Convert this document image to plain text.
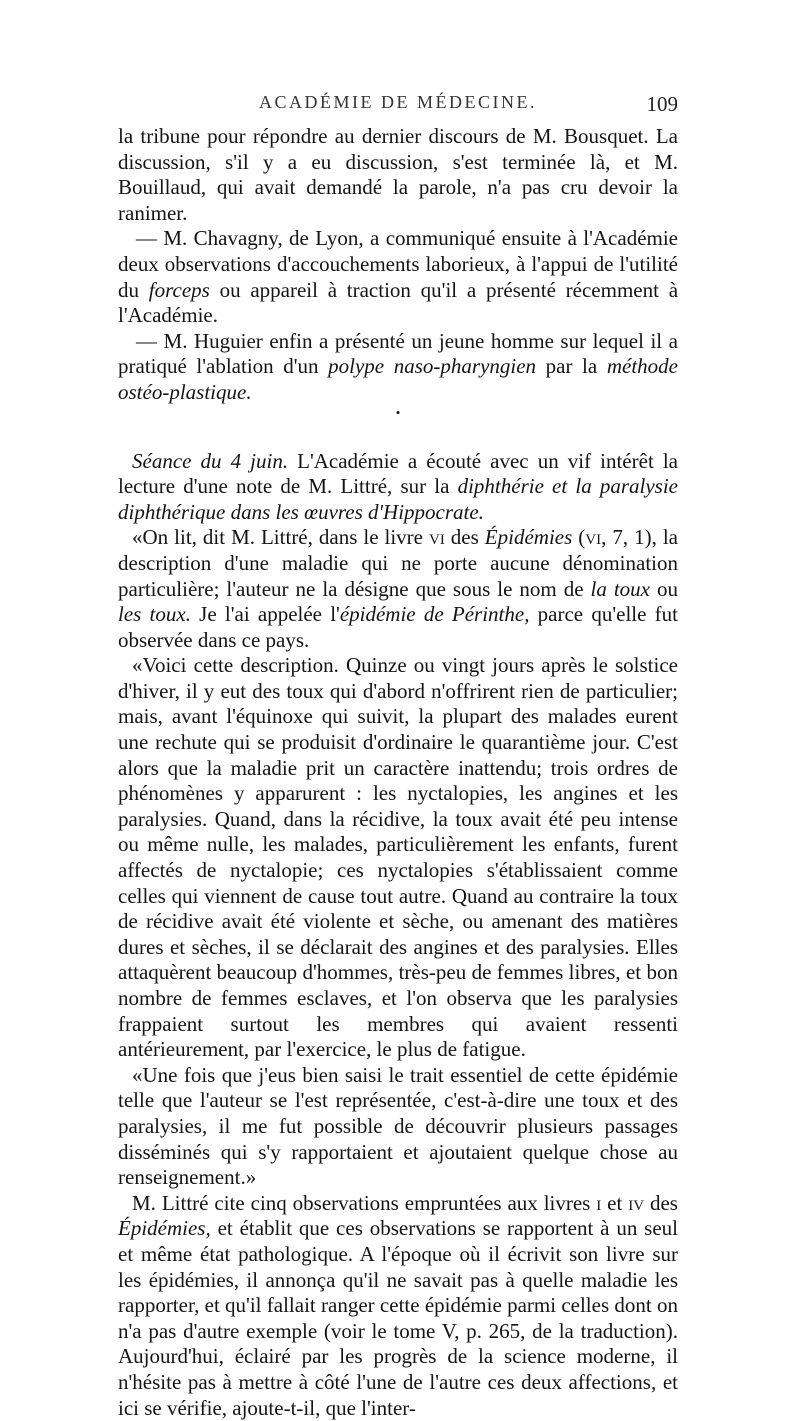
ACADÉMIE DE MÉDECINE.	109

la tribune pour répondre au dernier discours de M. Bousquet. La discussion, s'il y a eu discussion, s'est terminée là, et M. Bouillaud, qui avait demandé la parole, n'a pas cru devoir la ranimer.

— M. Chavagny, de Lyon, a communiqué ensuite à l'Académie deux observations d'accouchements laborieux, à l'appui de l'utilité du forceps ou appareil à traction qu'il a présenté récemment à l'Académie.

— M. Huguier enfin a présenté un jeune homme sur lequel il a pratiqué l'ablation d'un polype naso-pharyngien par la méthode ostéo-plastique.

•

Séance du 4 juin. L'Académie a écouté avec un vif intérêt la lecture d'une note de M. Littré, sur la diphthérie et la paralysie diphthérique dans les œuvres d'Hippocrate.

«On lit, dit M. Littré, dans le livre vi des Épidémies (vi, 7, 1), la description d'une maladie qui ne porte aucune dénomination particulière; l'auteur ne la désigne que sous le nom de la toux ou les toux. Je l'ai appelée l'épidémie de Périnthe, parce qu'elle fut observée dans ce pays.

«Voici cette description. Quinze ou vingt jours après le solstice d'hiver, il y eut des toux qui d'abord n'offrirent rien de particulier; mais, avant l'équinoxe qui suivit, la plupart des malades eurent une rechute qui se produisit d'ordinaire le quarantième jour. C'est alors que la maladie prit un caractère inattendu; trois ordres de phénomènes y apparurent : les nyctalopies, les angines et les paralysies. Quand, dans la récidive, la toux avait été peu intense ou même nulle, les malades, particulièrement les enfants, furent affectés de nyctalopie; ces nyctalopies s'établissaient comme celles qui viennent de cause tout autre. Quand au contraire la toux de récidive avait été violente et sèche, ou amenant des matières dures et sèches, il se déclarait des angines et des paralysies. Elles attaquèrent beaucoup d'hommes, très-peu de femmes libres, et bon nombre de femmes esclaves, et l'on observa que les paralysies frappaient surtout les membres qui avaient ressenti antérieurement, par l'exercice, le plus de fatigue.

«Une fois que j'eus bien saisi le trait essentiel de cette épidémie telle que l'auteur se l'est représentée, c'est-à-dire une toux et des paralysies, il me fut possible de découvrir plusieurs passages disséminés qui s'y rapportaient et ajoutaient quelque chose au renseignement.»

M. Littré cite cinq observations empruntées aux livres i et iv des Épidémies, et établit que ces observations se rapportent à un seul et même état pathologique. A l'époque où il écrivit son livre sur les épidémies, il annonça qu'il ne savait pas à quelle maladie les rapporter, et qu'il fallait ranger cette épidémie parmi celles dont on n'a pas d'autre exemple (voir le tome V, p. 265, de la traduction). Aujourd'hui, éclairé par les progrès de la science moderne, il n'hésite pas à mettre à côté l'une de l'autre ces deux affections, et ici se vérifie, ajoute-t-il, que l'inter-
